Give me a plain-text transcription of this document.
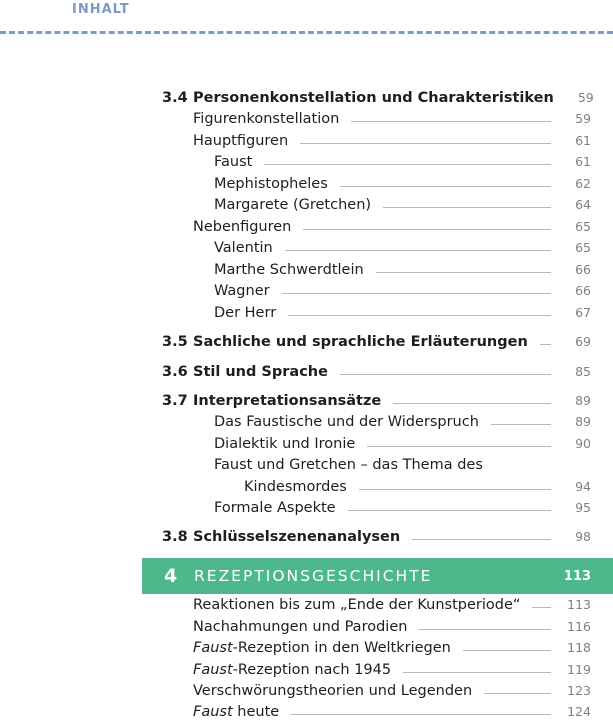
INHALT
3.4 Personenkonstellation und Charakteristiken 59
Figurenkonstellation	59
Hauptfiguren	61
Faust	61
Mephistopheles	62
Margarete (Gretchen)	64
Nebenfiguren	65
Valentin	65
Marthe Schwerdtlein	66
Wagner	66
Der Herr	67
3.5 Sachliche und sprachliche Erläuterungen	69
3.6 Stil und Sprache	85
3.7 Interpretationsansätze	89
Das Faustische und der Widerspruch	89
Dialektik und Ironie	90
Faust und Gretchen – das Thema des
Kindesmordes	94
Formale Aspekte	95
3.8 Schlüsselszenenanalysen	98
4	REZEPTIONSGESCHICHTE	113
Reaktionen bis zum „Ende der Kunstperiode“	113
Nachahmungen und Parodien	116
Faust-Rezeption in den Weltkriegen	118
Faust-Rezeption nach 1945	119
Verschwörungstheorien und Legenden	123
Faust heute	124
